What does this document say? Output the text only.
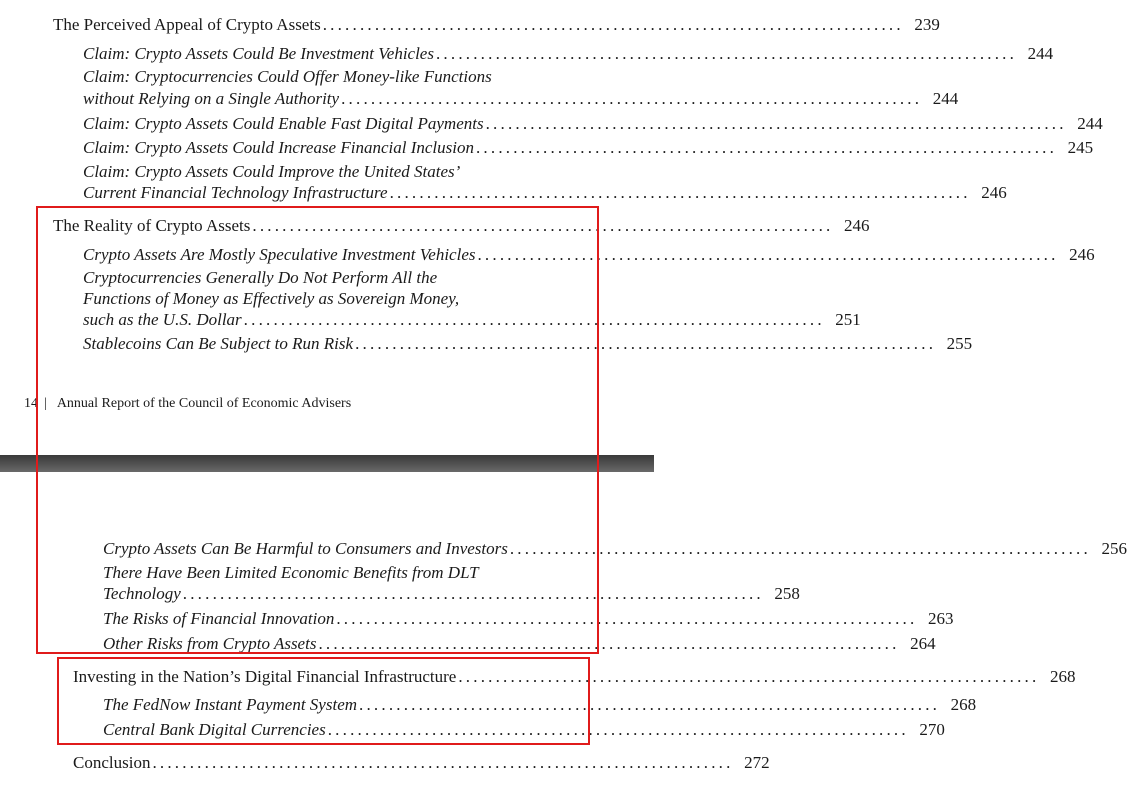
The Perceived Appeal of Crypto Assets .............................................................................. 239
Claim: Crypto Assets Could Be Investment Vehicles .............................................................................. 244
Claim: Cryptocurrencies Could Offer Money-like Functions
without Relying on a Single Authority .............................................................................. 244
Claim: Crypto Assets Could Enable Fast Digital Payments .............................................................................. 244
Claim: Crypto Assets Could Increase Financial Inclusion .............................................................................. 245
Claim: Crypto Assets Could Improve the United States’
Current Financial Technology Infrastructure .............................................................................. 246
The Reality of Crypto Assets .............................................................................. 246
Crypto Assets Are Mostly Speculative Investment Vehicles .............................................................................. 246
Cryptocurrencies Generally Do Not Perform All the
Functions of Money as Effectively as Sovereign Money,
such as the U.S. Dollar .............................................................................. 251
Stablecoins Can Be Subject to Run Risk .............................................................................. 255
14 | Annual Report of the Council of Economic Advisers
Crypto Assets Can Be Harmful to Consumers and Investors .............................................................................. 256
There Have Been Limited Economic Benefits from DLT
Technology .............................................................................. 258
The Risks of Financial Innovation .............................................................................. 263
Other Risks from Crypto Assets .............................................................................. 264
Investing in the Nation’s Digital Financial Infrastructure .............................................................................. 268
The FedNow Instant Payment System .............................................................................. 268
Central Bank Digital Currencies .............................................................................. 270
Conclusion .............................................................................. 272
